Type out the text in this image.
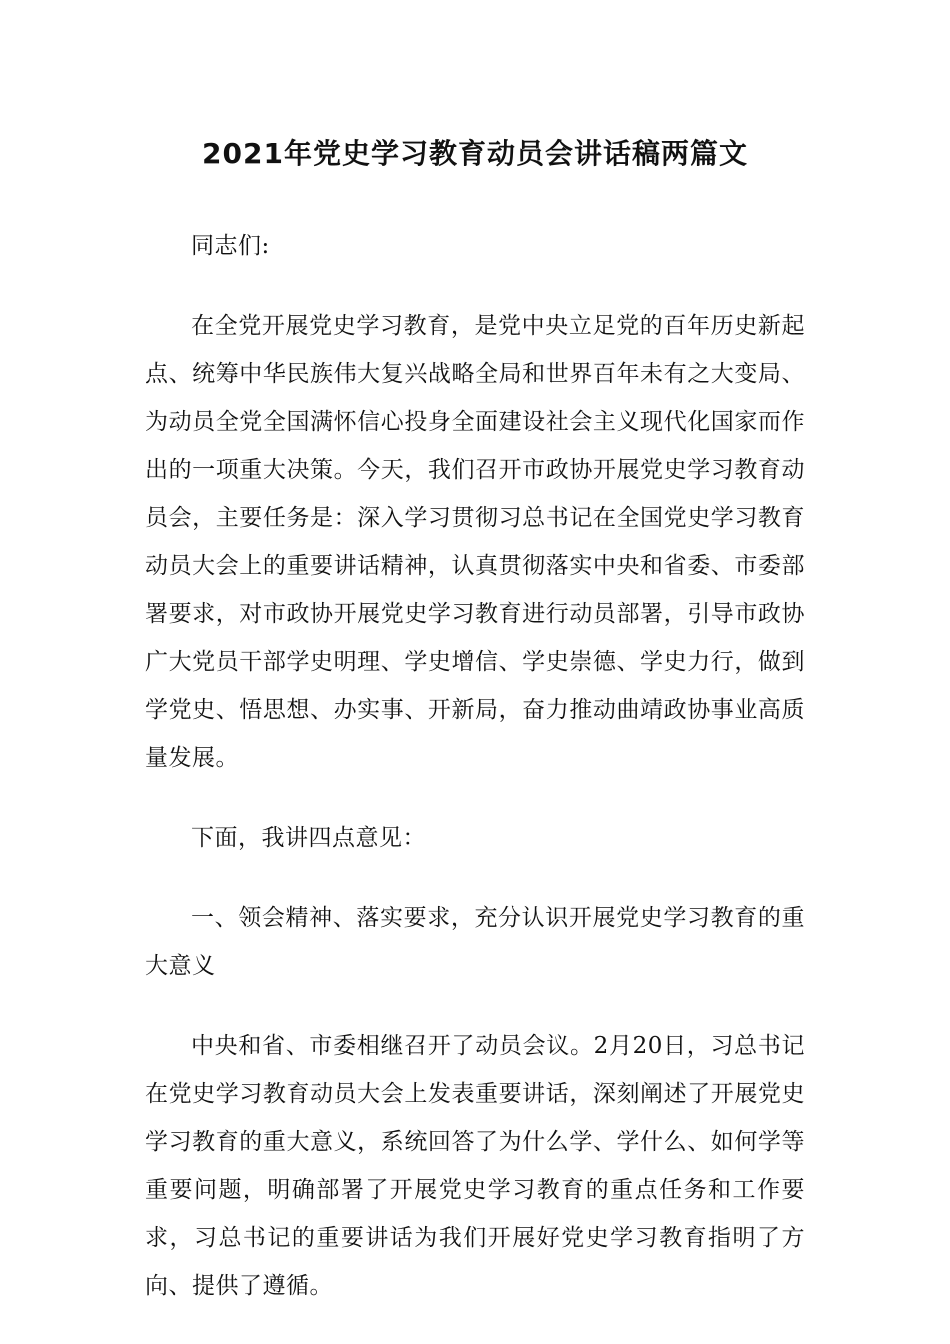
2021年党史学习教育动员会讲话稿两篇文

同志们:

在全党开展党史学习教育，是党中央立足党的百年历史新起点、统筹中华民族伟大复兴战略全局和世界百年未有之大变局、为动员全党全国满怀信心投身全面建设社会主义现代化国家而作出的一项重大决策。今天，我们召开市政协开展党史学习教育动员会，主要任务是：深入学习贯彻习总书记在全国党史学习教育动员大会上的重要讲话精神，认真贯彻落实中央和省委、市委部署要求，对市政协开展党史学习教育进行动员部署，引导市政协广大党员干部学史明理、学史增信、学史崇德、学史力行，做到学党史、悟思想、办实事、开新局，奋力推动曲靖政协事业高质量发展。

下面，我讲四点意见：

一、领会精神、落实要求，充分认识开展党史学习教育的重大意义

中央和省、市委相继召开了动员会议。2月20日，习总书记在党史学习教育动员大会上发表重要讲话，深刻阐述了开展党史学习教育的重大意义，系统回答了为什么学、学什么、如何学等重要问题，明确部署了开展党史学习教育的重点任务和工作要求，习总书记的重要讲话为我们开展好党史学习教育指明了方向、提供了遵循。
